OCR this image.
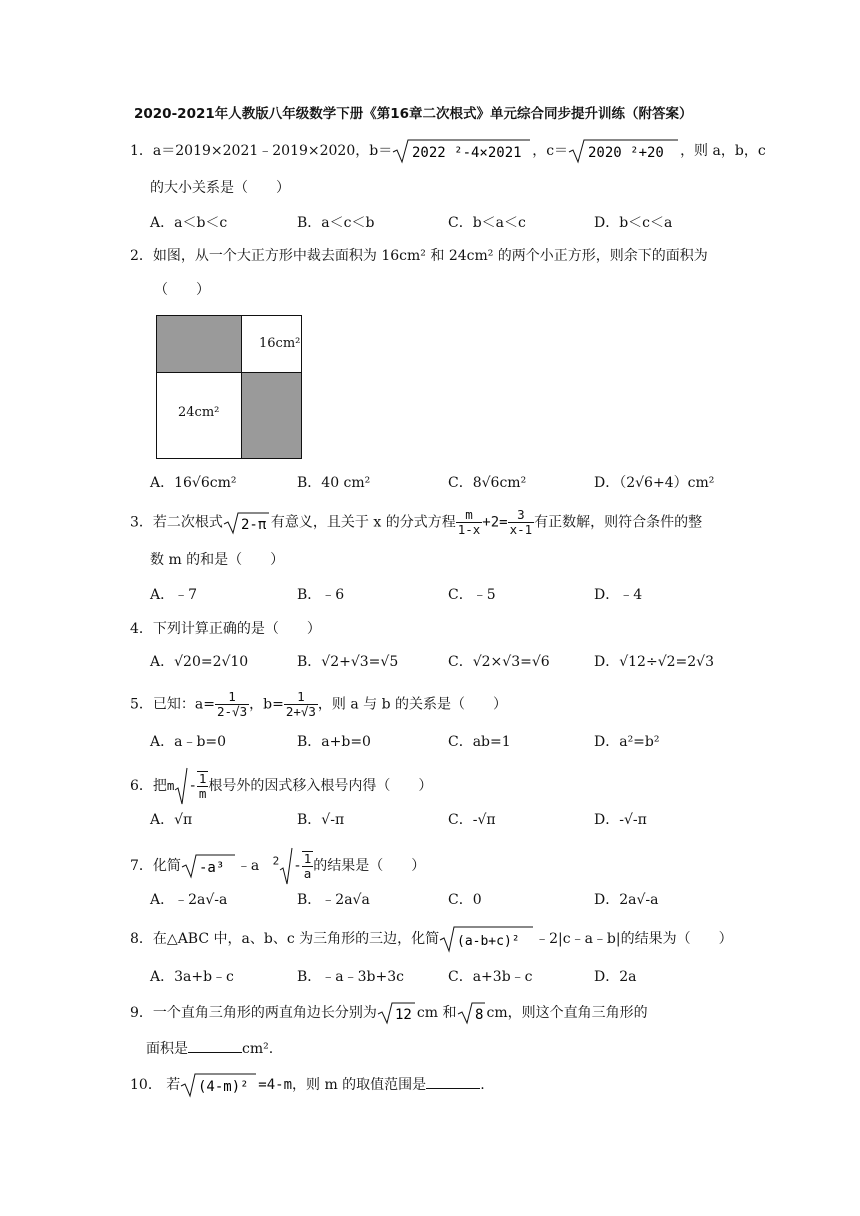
2020-2021年人教版八年级数学下册《第16章二次根式》单元综合同步提升训练（附答案）
1．a＝2019×2021﹣2019×2020，b＝ 2022 ²-4×2021 ，c＝ 2020 ²+20 ，则 a，b，c
的大小关系是（　　）
A．a＜b＜c	B．a＜c＜b	C．b＜a＜c	D．b＜c＜a
2．如图，从一个大正方形中裁去面积为 16cm² 和 24cm² 的两个小正方形，则余下的面积为
（　　）
16cm²
24cm²
A．16√6cm²	B．40 cm²	C．8√6cm²	D．（2√6+4）cm²
3．若二次根式 2-π 有意义，且关于 x 的分式方程 $\frac{m}{1-x} +2= \frac{3}{x-1}$ 有正数解，则符合条件的整
数 m 的和是（　　）
A．﹣7	B．﹣6	C．﹣5	D．﹣4
4．下列计算正确的是（　　）
A．√20=2√10	B．√2+√3=√5	C．√2×√3=√6	D．√12÷√2=2√3
5．已知：$a= \frac{1}{2-√3}$ ，$b= \frac{1}{2+√3}$ ，则 a 与 b 的关系是（　　）
A．a﹣b=0	B．a+b=0	C．ab=1	D．a²=b²
6．把m - $\frac{1}{m}$ 根号外的因式移入根号内得（　　）
A．√π	B．√-π	C．-√π	D．-√-π
7．化简 -a³ ﹣a $^2 - \frac{1}{a}$ 的结果是（　　）
A．﹣2a√-a	B．﹣2a√a	C．0	D．2a√-a
8．在△ABC 中，a、b、c 为三角形的三边，化简 (a-b+c)² ﹣2|c﹣a﹣b|的结果为（　　）
A．3a+b﹣c	B．﹣a﹣3b+3c	C．a+3b﹣c	D．2a
9．一个直角三角形的两直角边长分别为 12 cm 和 8 cm，则这个直角三角形的
面积是	cm².
10． 若 (4-m)² =4-m，则 m 的取值范围是	.
